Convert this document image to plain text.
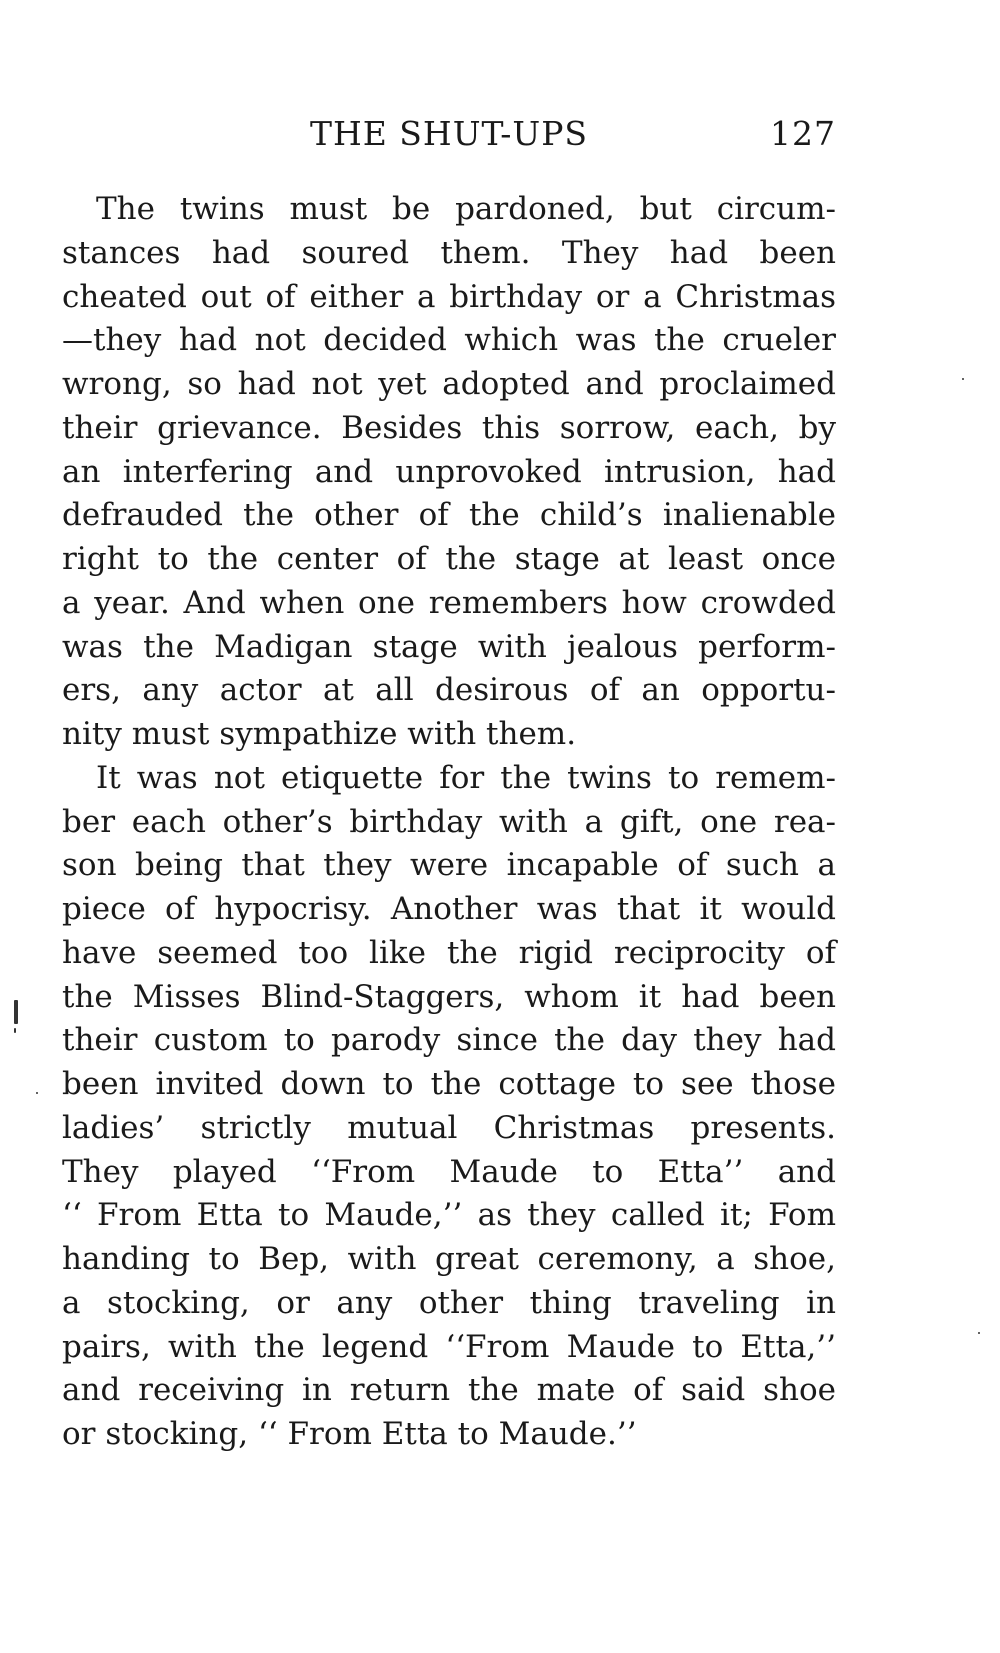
THE SHUT-UPS	127
The twins must be pardoned, but circum-
stances had soured them. They had been
cheated out of either a birthday or a Christmas
—they had not decided which was the crueler
wrong, so had not yet adopted and proclaimed
their grievance. Besides this sorrow, each, by
an interfering and unprovoked intrusion, had
defrauded the other of the child’s inalienable
right to the center of the stage at least once
a year. And when one remembers how crowded
was the Madigan stage with jealous perform-
ers, any actor at all desirous of an opportu-
nity must sympathize with them.
It was not etiquette for the twins to remem-
ber each other’s birthday with a gift, one rea-
son being that they were incapable of such a
piece of hypocrisy. Another was that it would
have seemed too like the rigid reciprocity of
the Misses Blind-Staggers, whom it had been
their custom to parody since the day they had
been invited down to the cottage to see those
ladies’ strictly mutual Christmas presents.
They played ‘‘From Maude to Etta’’ and
‘‘ From Etta to Maude,’’ as they called it; Fom
handing to Bep, with great ceremony, a shoe,
a stocking, or any other thing traveling in
pairs, with the legend ‘‘From Maude to Etta,’’
and receiving in return the mate of said shoe
or stocking, ‘‘ From Etta to Maude.’’
